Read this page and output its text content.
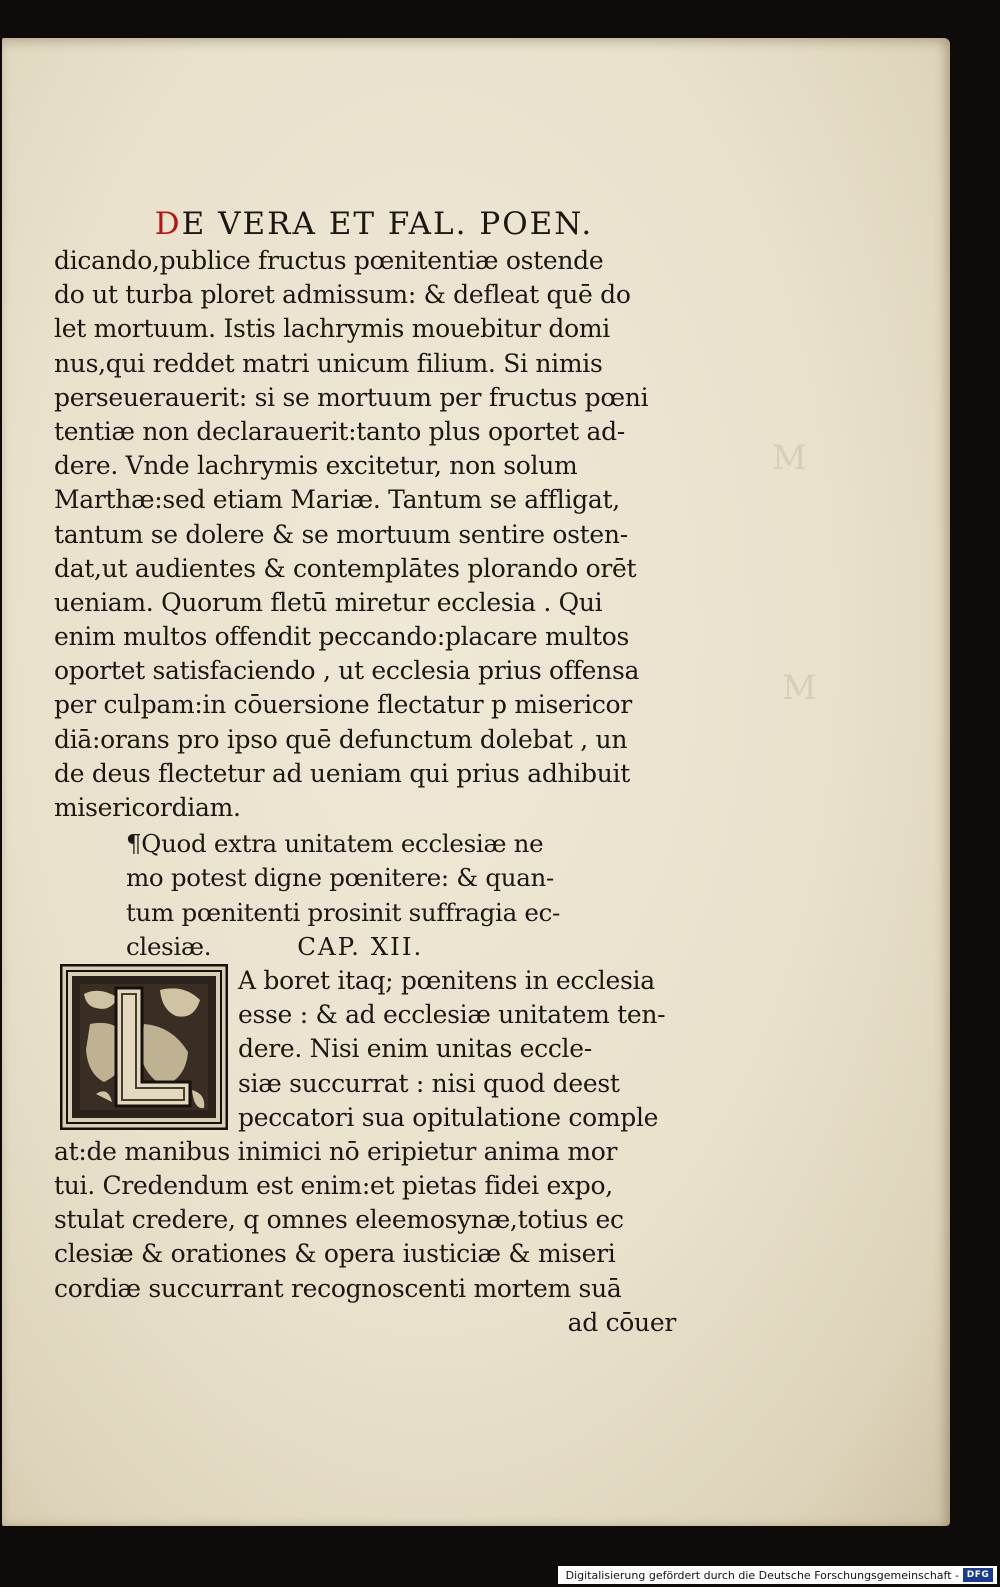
M
M
DE VERA ET FAL. POEN.
dicando,publice fructus pœnitentiæ ostende
do ut turba ploret admissum: & defleat quē do
let mortuum. Istis lachrymis mouebitur domi
nus,qui reddet matri unicum filium. Si nimis
perseuerauerit: si se mortuum per fructus pœni
tentiæ non declarauerit:tanto plus oportet ad-
dere. Vnde lachrymis excitetur, non solum
Marthæ:sed etiam Mariæ. Tantum se affligat,
tantum se dolere & se mortuum sentire osten-
dat,ut audientes & contemplātes plorando orēt
ueniam. Quorum fletū miretur ecclesia . Qui
enim multos offendit peccando:placare multos
oportet satisfaciendo , ut ecclesia prius offensa
per culpam:in cōuersione flectatur p misericor
diā:orans pro ipso quē defunctum dolebat , un
de deus flectetur ad ueniam qui prius adhibuit
misericordiam.
¶Quod extra unitatem ecclesiæ ne
mo potest digne pœnitere: & quan-
tum pœnitenti prosinit suffragia ec-
clesiæ.	CAP. XII.
A boret itaq; pœnitens in ecclesia
esse : & ad ecclesiæ unitatem ten-
dere. Nisi enim unitas eccle-
siæ succurrat : nisi quod deest
peccatori sua opitulatione comple
at:de manibus inimici nō eripietur anima mor
tui. Credendum est enim:et pietas fidei expo,
stulat credere, q omnes eleemosynæ,totius ec
clesiæ & orationes & opera iusticiæ & miseri
cordiæ succurrant recognoscenti mortem suā
ad cōuer
Digitalisierung gefördert durch die Deutsche Forschungsgemeinschaft - DFG
